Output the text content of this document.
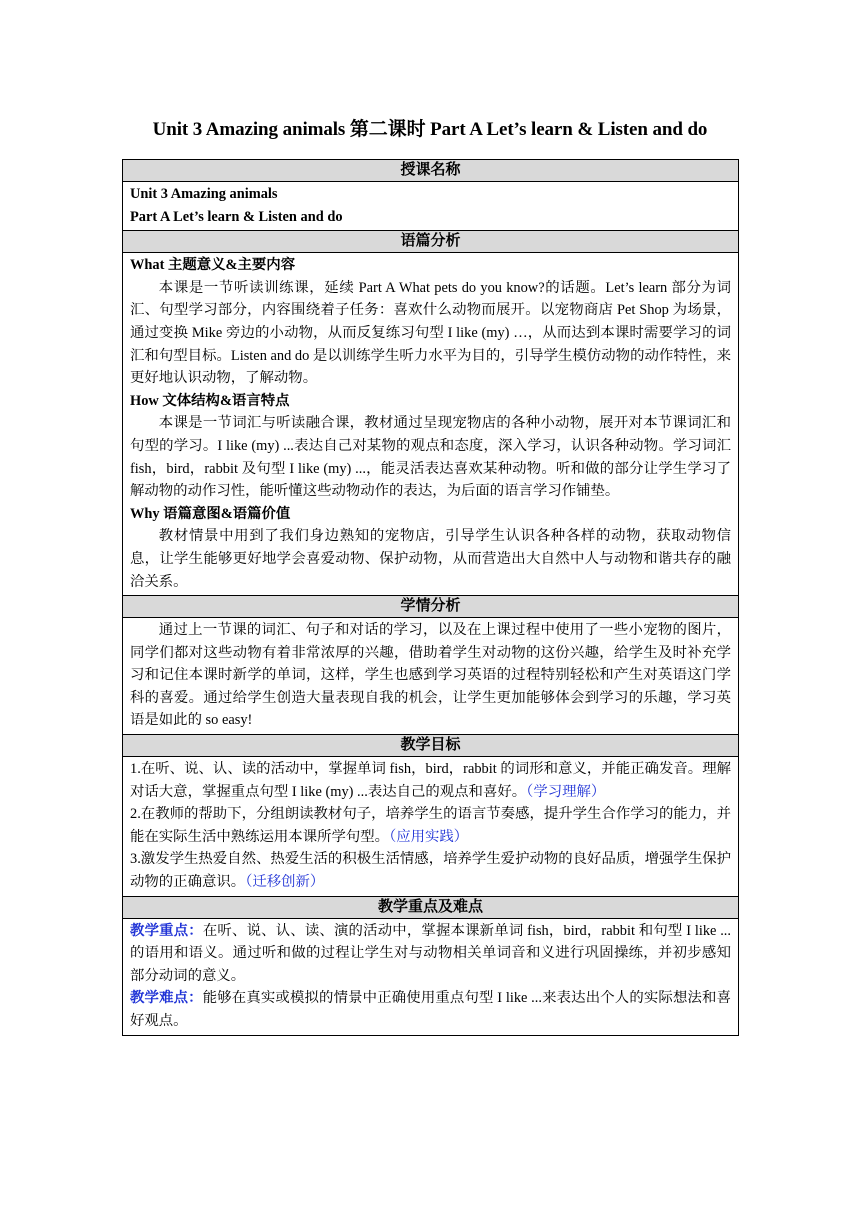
Unit 3 Amazing animals 第二课时 Part A Let’s learn & Listen and do
授课名称

Unit 3 Amazing animals

Part A Let’s learn & Listen and do

语篇分析

What 主题意义&主要内容

本课是一节听读训练课，延续 Part A What pets do you know?的话题。Let’s learn 部分为词汇、句型学习部分，内容围绕着子任务：喜欢什么动物而展开。以宠物商店 Pet Shop 为场景，通过变换 Mike 旁边的小动物，从而反复练习句型 I like (my) …，从而达到本课时需要学习的词汇和句型目标。Listen and do 是以训练学生听力水平为目的，引导学生模仿动物的动作特性，来更好地认识动物，了解动物。

How 文体结构&语言特点

本课是一节词汇与听读融合课，教材通过呈现宠物店的各种小动物，展开对本节课词汇和句型的学习。I like (my) ...表达自己对某物的观点和态度，深入学习，认识各种动物。学习词汇 fish，bird，rabbit 及句型 I like (my) ...，能灵活表达喜欢某种动物。听和做的部分让学生学习了解动物的动作习性，能听懂这些动物动作的表达，为后面的语言学习作铺垫。

Why 语篇意图&语篇价值

教材情景中用到了我们身边熟知的宠物店，引导学生认识各种各样的动物，获取动物信息，让学生能够更好地学会喜爱动物、保护动物，从而营造出大自然中人与动物和谐共存的融洽关系。

学情分析

通过上一节课的词汇、句子和对话的学习，以及在上课过程中使用了一些小宠物的图片，同学们都对这些动物有着非常浓厚的兴趣，借助着学生对动物的这份兴趣，给学生及时补充学习和记住本课时新学的单词，这样，学生也感到学习英语的过程特别轻松和产生对英语这门学科的喜爱。通过给学生创造大量表现自我的机会，让学生更加能够体会到学习的乐趣，学习英语是如此的 so easy!

教学目标

1.在听、说、认、读的活动中，掌握单词 fish，bird，rabbit 的词形和意义，并能正确发音。理解对话大意，掌握重点句型 I like (my) ...表达自己的观点和喜好。（学习理解）

2.在教师的帮助下，分组朗读教材句子，培养学生的语言节奏感，提升学生合作学习的能力，并能在实际生活中熟练运用本课所学句型。（应用实践）

3.激发学生热爱自然、热爱生活的积极生活情感，培养学生爱护动物的良好品质，增强学生保护动物的正确意识。（迁移创新）

教学重点及难点

教学重点：在听、说、认、读、演的活动中，掌握本课新单词 fish，bird，rabbit 和句型 I like ...的语用和语义。通过听和做的过程让学生对与动物相关单词音和义进行巩固操练，并初步感知部分动词的意义。

教学难点：能够在真实或模拟的情景中正确使用重点句型 I like ...来表达出个人的实际想法和喜好观点。
